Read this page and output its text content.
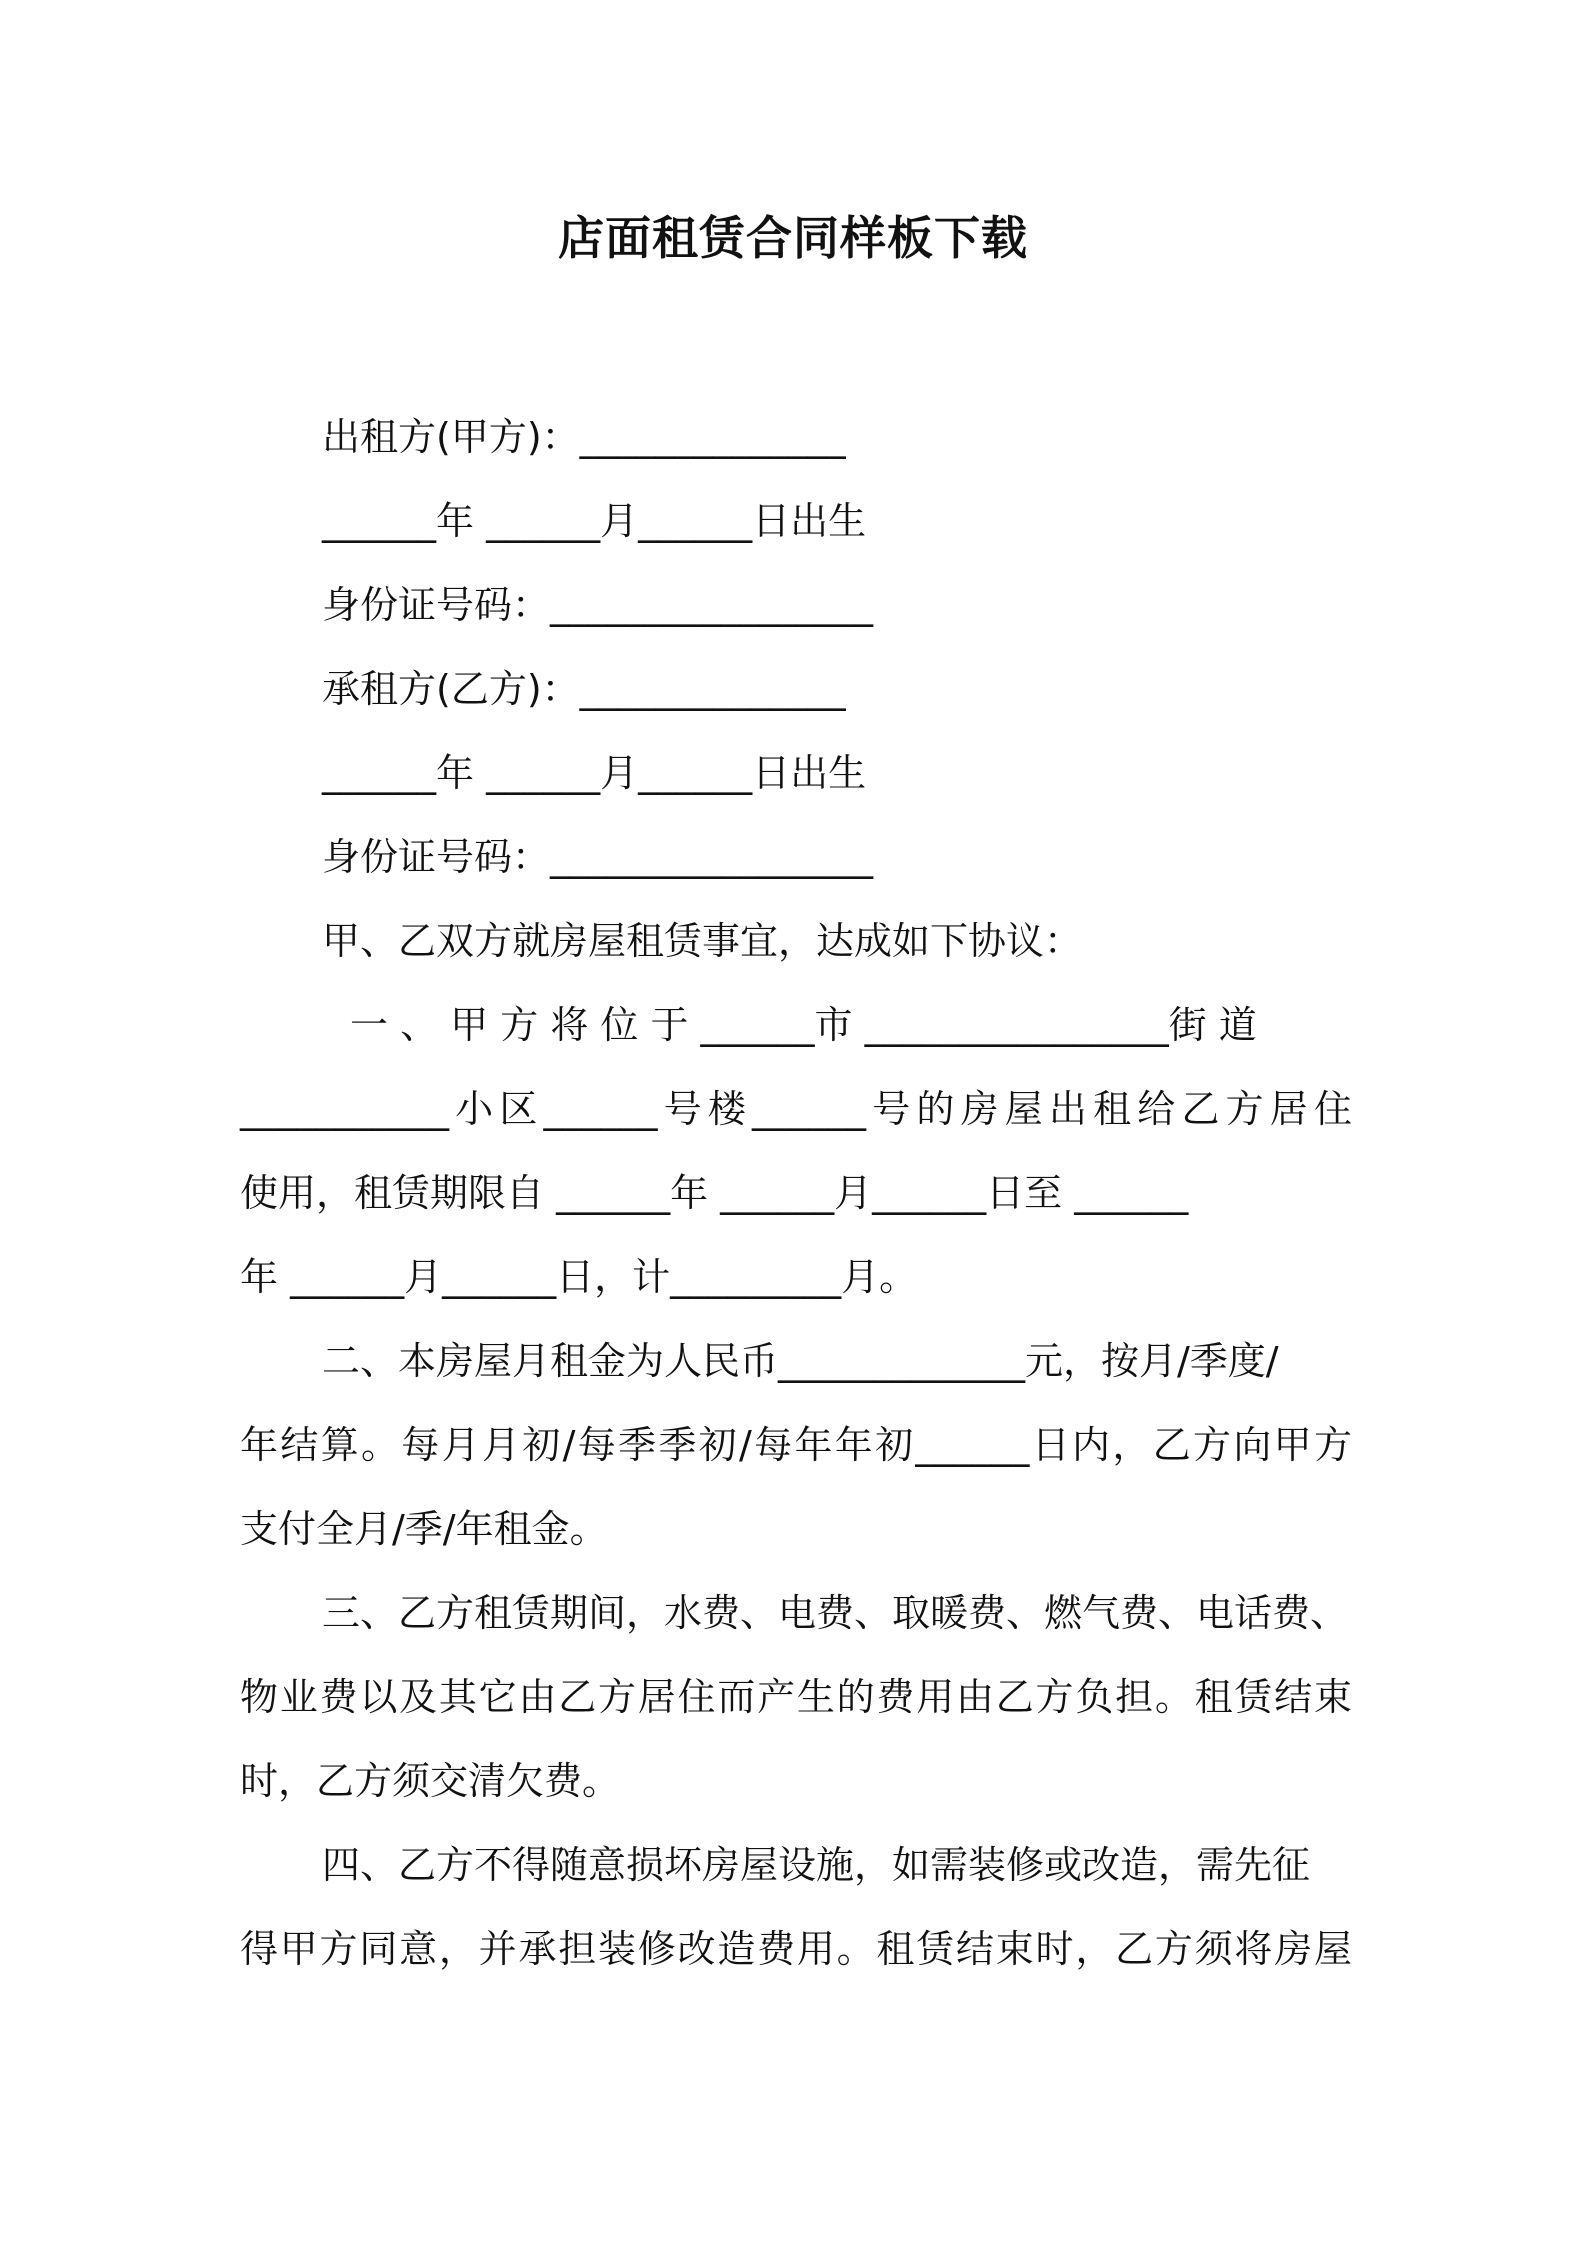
店面租赁合同样板下载
出租方(甲方)：______________
______年 ______月______日出生
身份证号码：_________________
承租方(乙方)：______________
______年 ______月______日出生
身份证号码：_________________
甲、乙双方就房屋租赁事宜，达成如下协议：
一 、 甲 方 将 位 于 ______市 ________________街 道
___________小区______号楼______号的房屋出租给乙方居住
使用，租赁期限自 ______年 ______月______日至 ______
年 ______月______日，计_________月。
二、本房屋月租金为人民币_____________元，按月/季度/
年结算。每月月初/每季季初/每年年初______日内，乙方向甲方
支付全月/季/年租金。
三、乙方租赁期间，水费、电费、取暖费、燃气费、电话费、
物业费以及其它由乙方居住而产生的费用由乙方负担。租赁结束
时，乙方须交清欠费。
四、乙方不得随意损坏房屋设施，如需装修或改造，需先征
得甲方同意，并承担装修改造费用。租赁结束时，乙方须将房屋
